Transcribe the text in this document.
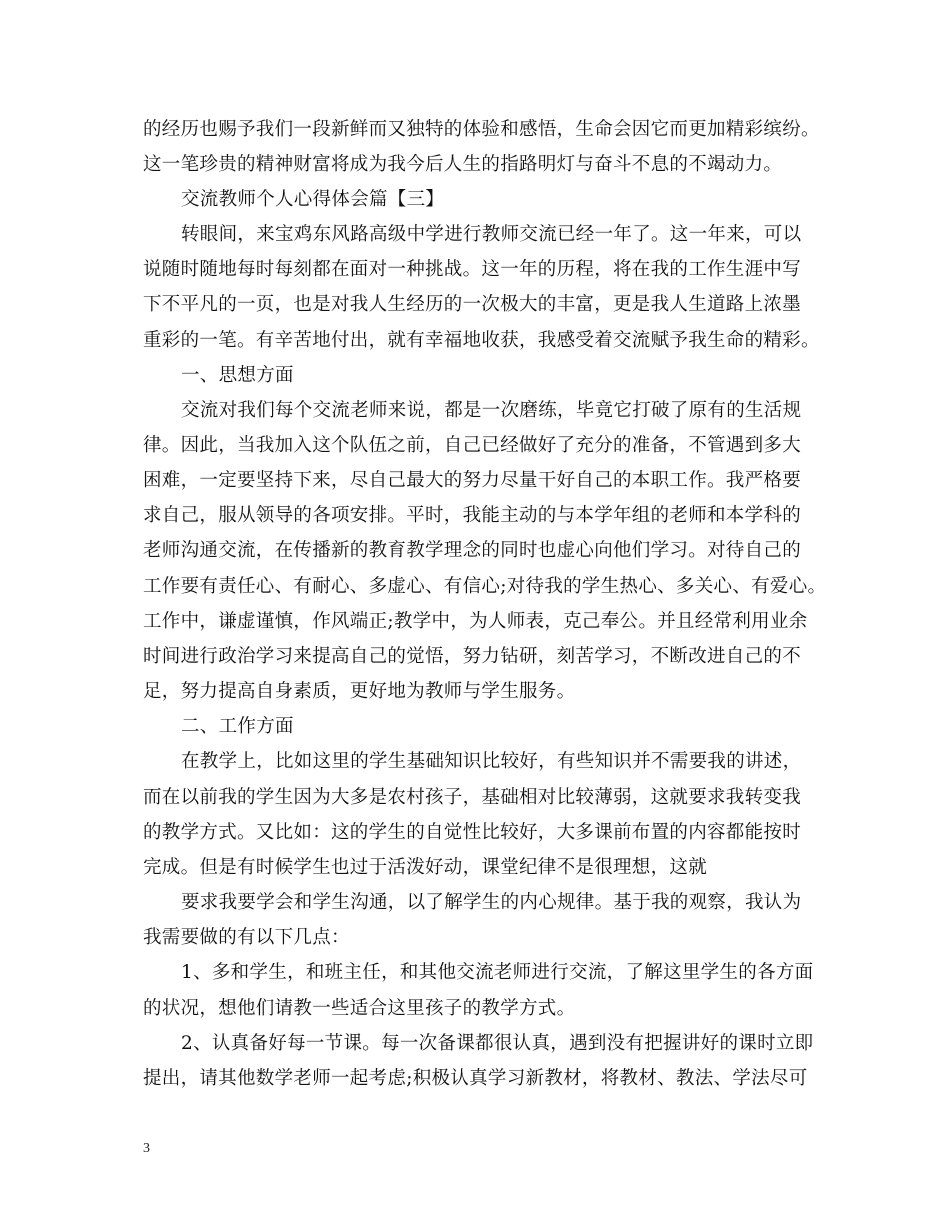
的经历也赐予我们一段新鲜而又独特的体验和感悟，生命会因它而更加精彩缤纷。
这一笔珍贵的精神财富将成为我今后人生的指路明灯与奋斗不息的不竭动力。
交流教师个人心得体会篇【三】
转眼间，来宝鸡东风路高级中学进行教师交流已经一年了。这一年来，可以
说随时随地每时每刻都在面对一种挑战。这一年的历程，将在我的工作生涯中写
下不平凡的一页，也是对我人生经历的一次极大的丰富，更是我人生道路上浓墨
重彩的一笔。有辛苦地付出，就有幸福地收获，我感受着交流赋予我生命的精彩。
一、思想方面
交流对我们每个交流老师来说，都是一次磨练，毕竟它打破了原有的生活规
律。因此，当我加入这个队伍之前，自己已经做好了充分的准备，不管遇到多大
困难，一定要坚持下来，尽自己最大的努力尽量干好自己的本职工作。我严格要
求自己，服从领导的各项安排。平时，我能主动的与本学年组的老师和本学科的
老师沟通交流，在传播新的教育教学理念的同时也虚心向他们学习。对待自己的
工作要有责任心、有耐心、多虚心、有信心;对待我的学生热心、多关心、有爱心。
工作中，谦虚谨慎，作风端正;教学中，为人师表，克己奉公。并且经常利用业余
时间进行政治学习来提高自己的觉悟，努力钻研，刻苦学习，不断改进自己的不
足，努力提高自身素质，更好地为教师与学生服务。
二、工作方面
在教学上，比如这里的学生基础知识比较好，有些知识并不需要我的讲述，
而在以前我的学生因为大多是农村孩子，基础相对比较薄弱，这就要求我转变我
的教学方式。又比如：这的学生的自觉性比较好，大多课前布置的内容都能按时
完成。但是有时候学生也过于活泼好动，课堂纪律不是很理想，这就
要求我要学会和学生沟通，以了解学生的内心规律。基于我的观察，我认为
我需要做的有以下几点：
1、多和学生，和班主任，和其他交流老师进行交流，了解这里学生的各方面
的状况，想他们请教一些适合这里孩子的教学方式。
2、认真备好每一节课。每一次备课都很认真，遇到没有把握讲好的课时立即
提出，请其他数学老师一起考虑;积极认真学习新教材，将教材、教法、学法尽可
3
